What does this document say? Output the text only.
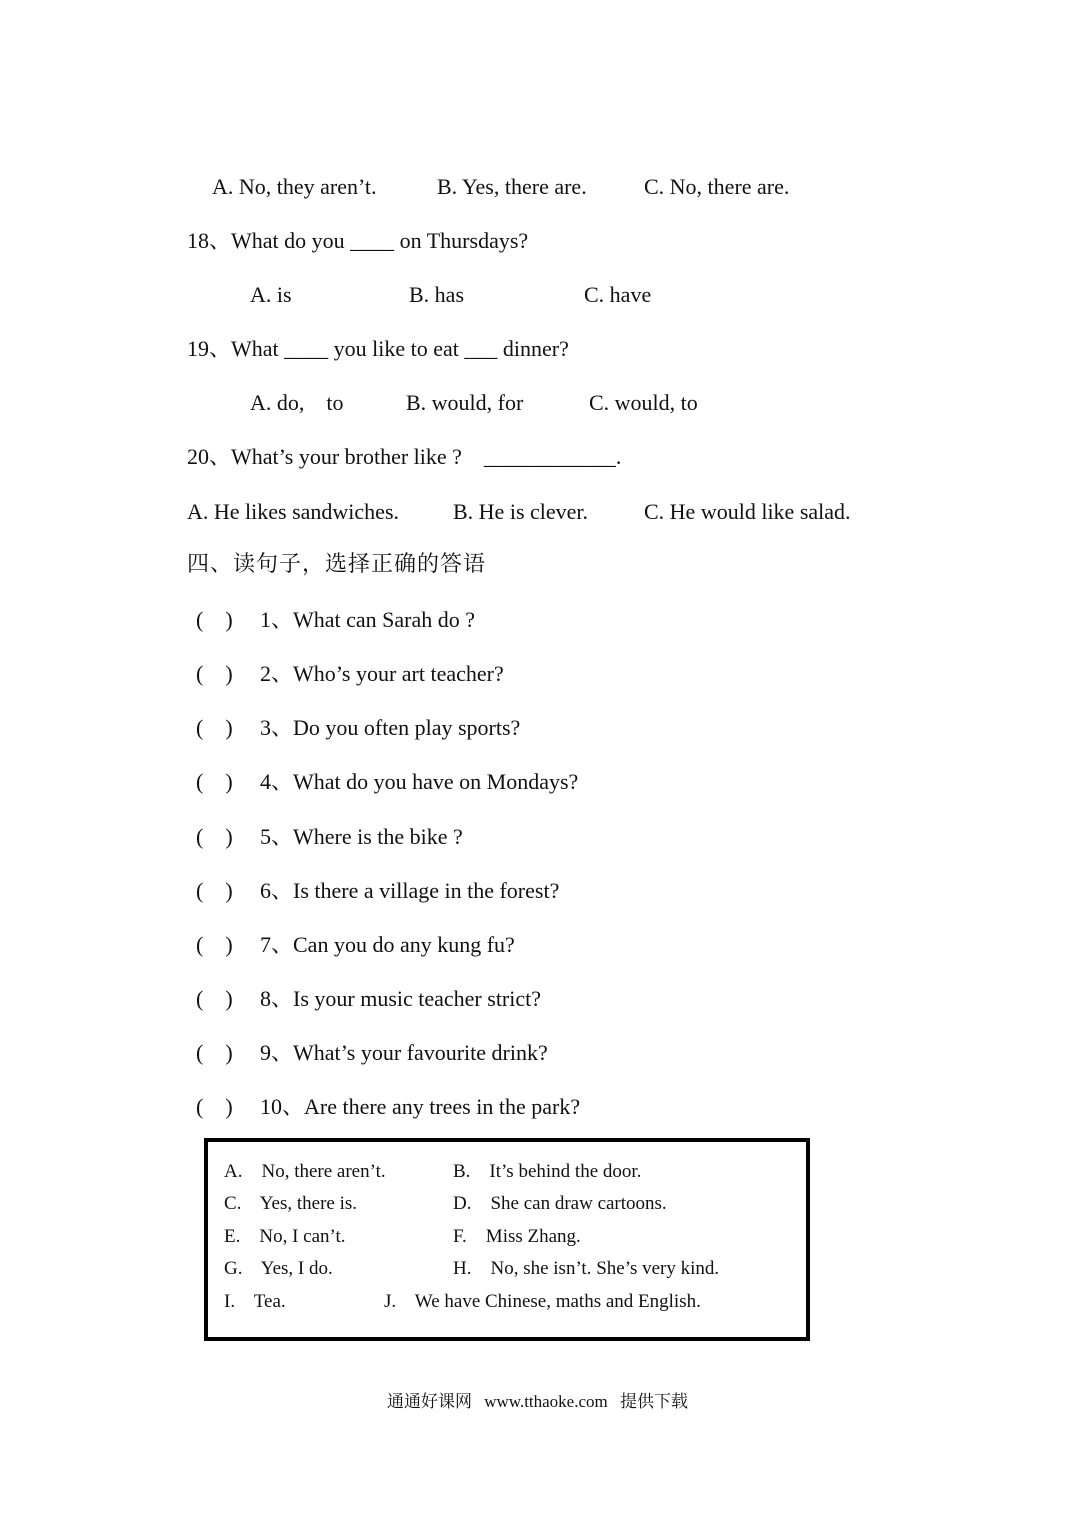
A. No, they aren’t.	B. Yes, there are.	C. No, there are.
18、What do you ____ on Thursdays?
A. is	B. has	C. have
19、What ____ you like to eat ___ dinner?
A. do,    to	B. would, for	C. would, to
20、What’s your brother like ?    ____________.
A. He likes sandwiches. B. He is clever.	C. He would like salad.
四、读句子，选择正确的答语
(    ) 1、What can Sarah do ?
(    ) 2、Who’s your art teacher?
(    ) 3、Do you often play sports?
(    ) 4、What do you have on Mondays?
(    ) 5、Where is the bike ?
(    ) 6、Is there a village in the forest?
(    ) 7、Can you do any kung fu?
(    ) 8、Is your music teacher strict?
(    ) 9、What’s your favourite drink?
(    ) 10、Are there any trees in the park?
A.    No, there aren’t.	B.    It’s behind the door.
C.    Yes, there is.	D.    She can draw cartoons.
E.    No, I can’t.	F.    Miss Zhang.
G.    Yes, I do.	H.    No, she isn’t. She’s very kind.
I.    Tea.	J.    We have Chinese, maths and English.
通通好课网 www.tthaoke.com 提供下载
